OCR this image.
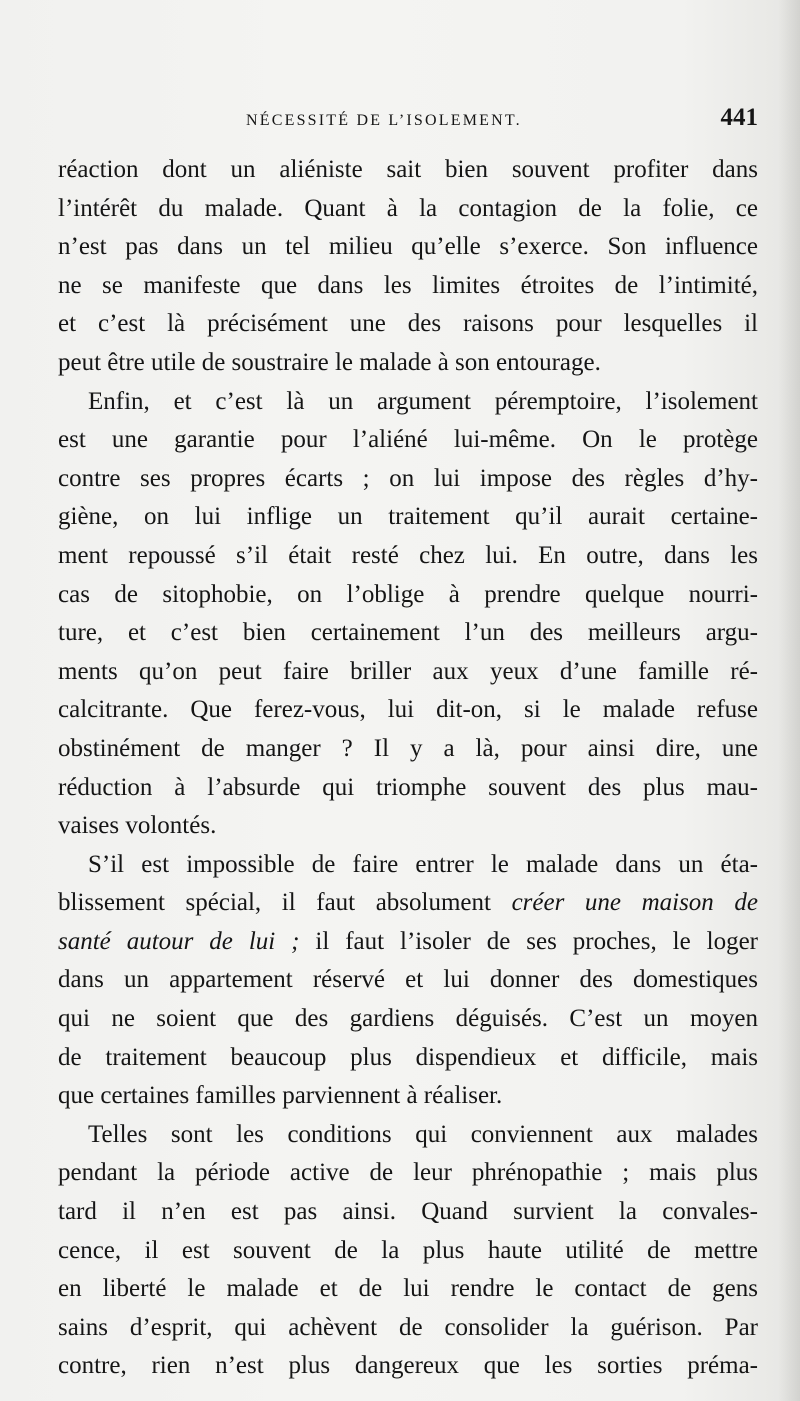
NÉCESSITÉ DE L’ISOLEMENT.	441
réaction dont un aliéniste sait bien souvent profiter dans
l’intérêt du malade. Quant à la contagion de la folie, ce
n’est pas dans un tel milieu qu’elle s’exerce. Son influence
ne se manifeste que dans les limites étroites de l’intimité,
et c’est là précisément une des raisons pour lesquelles il
peut être utile de soustraire le malade à son entourage.
Enfin, et c’est là un argument péremptoire, l’isolement
est une garantie pour l’aliéné lui-même. On le protège
contre ses propres écarts ; on lui impose des règles d’hy-
giène, on lui inflige un traitement qu’il aurait certaine-
ment repoussé s’il était resté chez lui. En outre, dans les
cas de sitophobie, on l’oblige à prendre quelque nourri-
ture, et c’est bien certainement l’un des meilleurs argu-
ments qu’on peut faire briller aux yeux d’une famille ré-
calcitrante. Que ferez-vous, lui dit-on, si le malade refuse
obstinément de manger ? Il y a là, pour ainsi dire, une
réduction à l’absurde qui triomphe souvent des plus mau-
vaises volontés.
S’il est impossible de faire entrer le malade dans un éta-
blissement spécial, il faut absolument créer une maison de
santé autour de lui ; il faut l’isoler de ses proches, le loger
dans un appartement réservé et lui donner des domestiques
qui ne soient que des gardiens déguisés. C’est un moyen
de traitement beaucoup plus dispendieux et difficile, mais
que certaines familles parviennent à réaliser.
Telles sont les conditions qui conviennent aux malades
pendant la période active de leur phrénopathie ; mais plus
tard il n’en est pas ainsi. Quand survient la convales-
cence, il est souvent de la plus haute utilité de mettre
en liberté le malade et de lui rendre le contact de gens
sains d’esprit, qui achèvent de consolider la guérison. Par
contre, rien n’est plus dangereux que les sorties préma-
